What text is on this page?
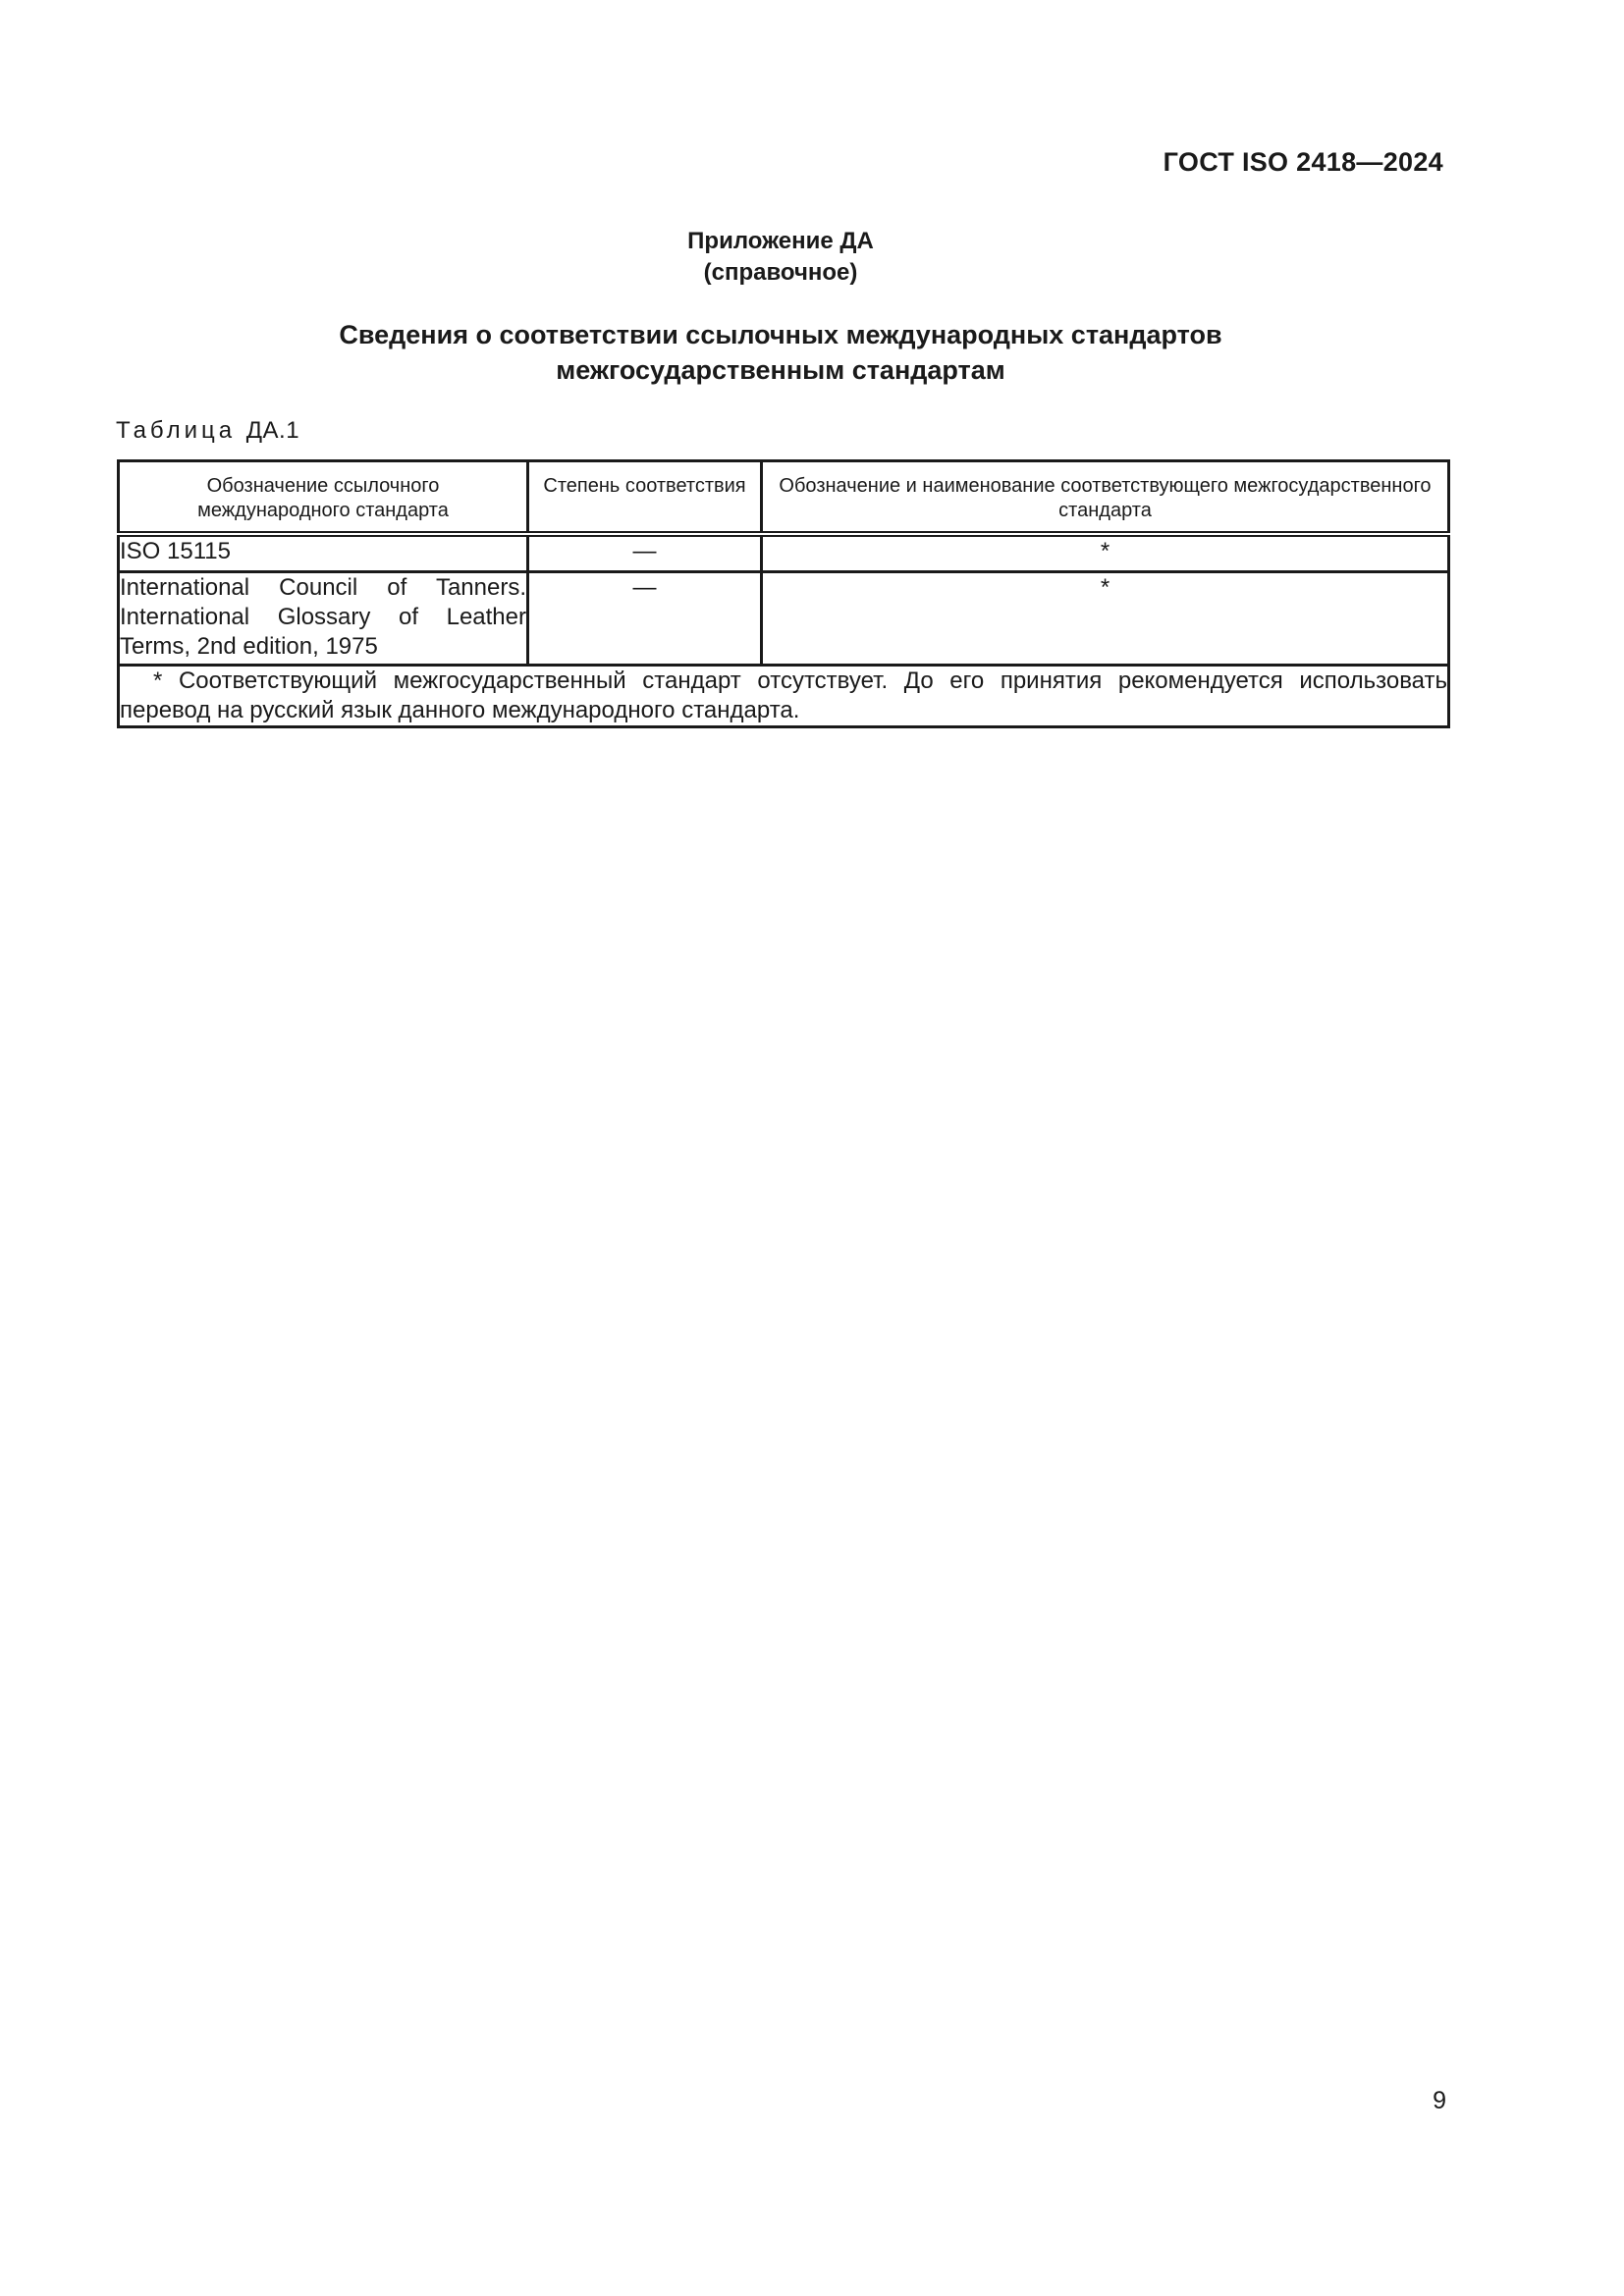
ГОСТ ISO 2418—2024
Приложение ДА
(справочное)
Сведения о соответствии ссылочных международных стандартов
межгосударственным стандартам
Таблица ДА.1
Обозначение ссылочного международного стандарта	Степень соответствия	Обозначение и наименование соответствующего межгосударственного стандарта
ISO 15115	—	*
International Council of Tanners. International Glossary of Leather Terms, 2nd edition, 1975	—	*
* Соответствующий межгосударственный стандарт отсутствует. До его принятия рекомендуется использовать перевод на русский язык данного международного стандарта.		
9
